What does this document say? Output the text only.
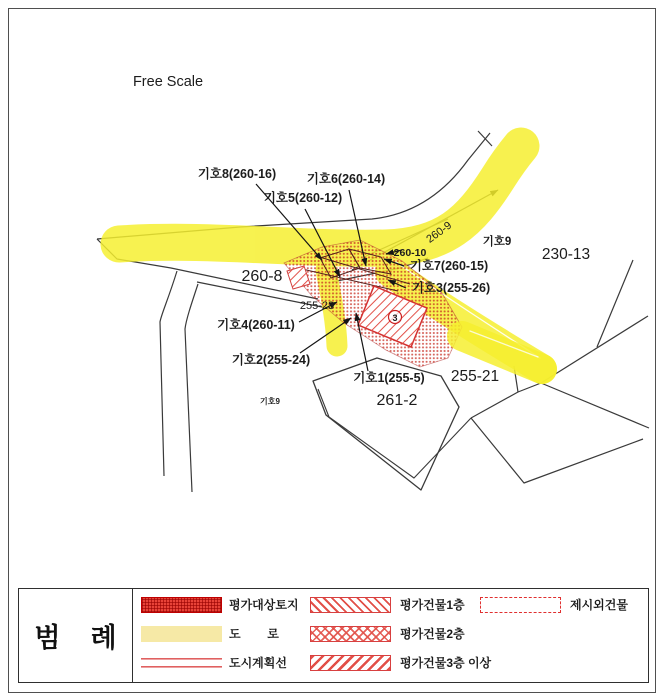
Free Scale
기호8(260-16) 기호6(260-14)
기호5(260-12)
260-9
260-10
기호9
230-13
기호7(260-15)
260-8
기호3(255-26)
255-23
기호4(260-11)
기호2(255-24)
기호1(255-5) 255-21
기호9	261-2
3
범    례
평가대상토지
도        로
도시계획선
평가건물1층
평가건물2층
평가건물3층 이상
제시외건물
